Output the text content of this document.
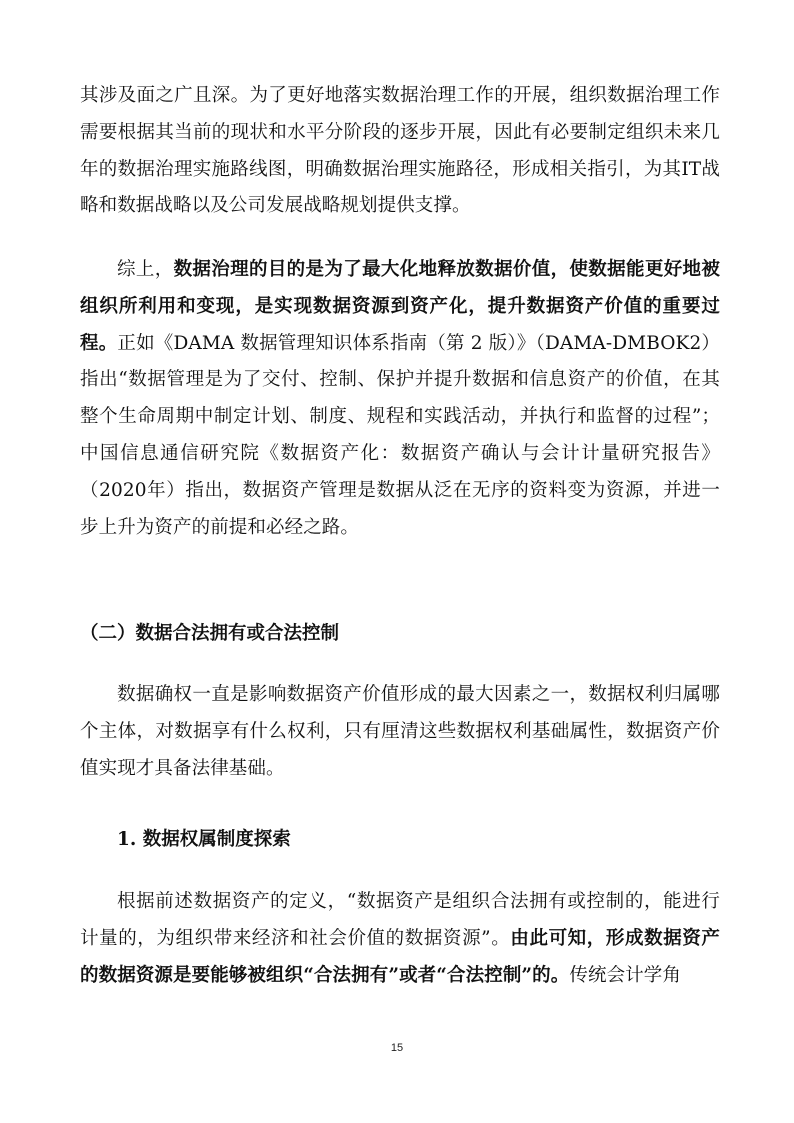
其涉及面之广且深。为了更好地落实数据治理工作的开展，组织数据治理工作需要根据其当前的现状和水平分阶段的逐步开展，因此有必要制定组织未来几年的数据治理实施路线图，明确数据治理实施路径，形成相关指引，为其IT战略和数据战略以及公司发展战略规划提供支撑。

综上，数据治理的目的是为了最大化地释放数据价值，使数据能更好地被组织所利用和变现，是实现数据资源到资产化，提升数据资产价值的重要过程。正如《DAMA 数据管理知识体系指南（第 2 版）》（DAMA-DMBOK2）指出“数据管理是为了交付、控制、保护并提升数据和信息资产的价值，在其整个生命周期中制定计划、制度、规程和实践活动，并执行和监督的过程”；中国信息通信研究院《数据资产化：数据资产确认与会计计量研究报告》（2020年）指出，数据资产管理是数据从泛在无序的资料变为资源，并进一步上升为资产的前提和必经之路。

（二）数据合法拥有或合法控制

数据确权一直是影响数据资产价值形成的最大因素之一，数据权利归属哪个主体，对数据享有什么权利，只有厘清这些数据权利基础属性，数据资产价值实现才具备法律基础。

1. 数据权属制度探索

根据前述数据资产的定义，“数据资产是组织合法拥有或控制的，能进行计量的，为组织带来经济和社会价值的数据资源”。由此可知，形成数据资产的数据资源是要能够被组织“合法拥有”或者“合法控制”的。传统会计学角

15
